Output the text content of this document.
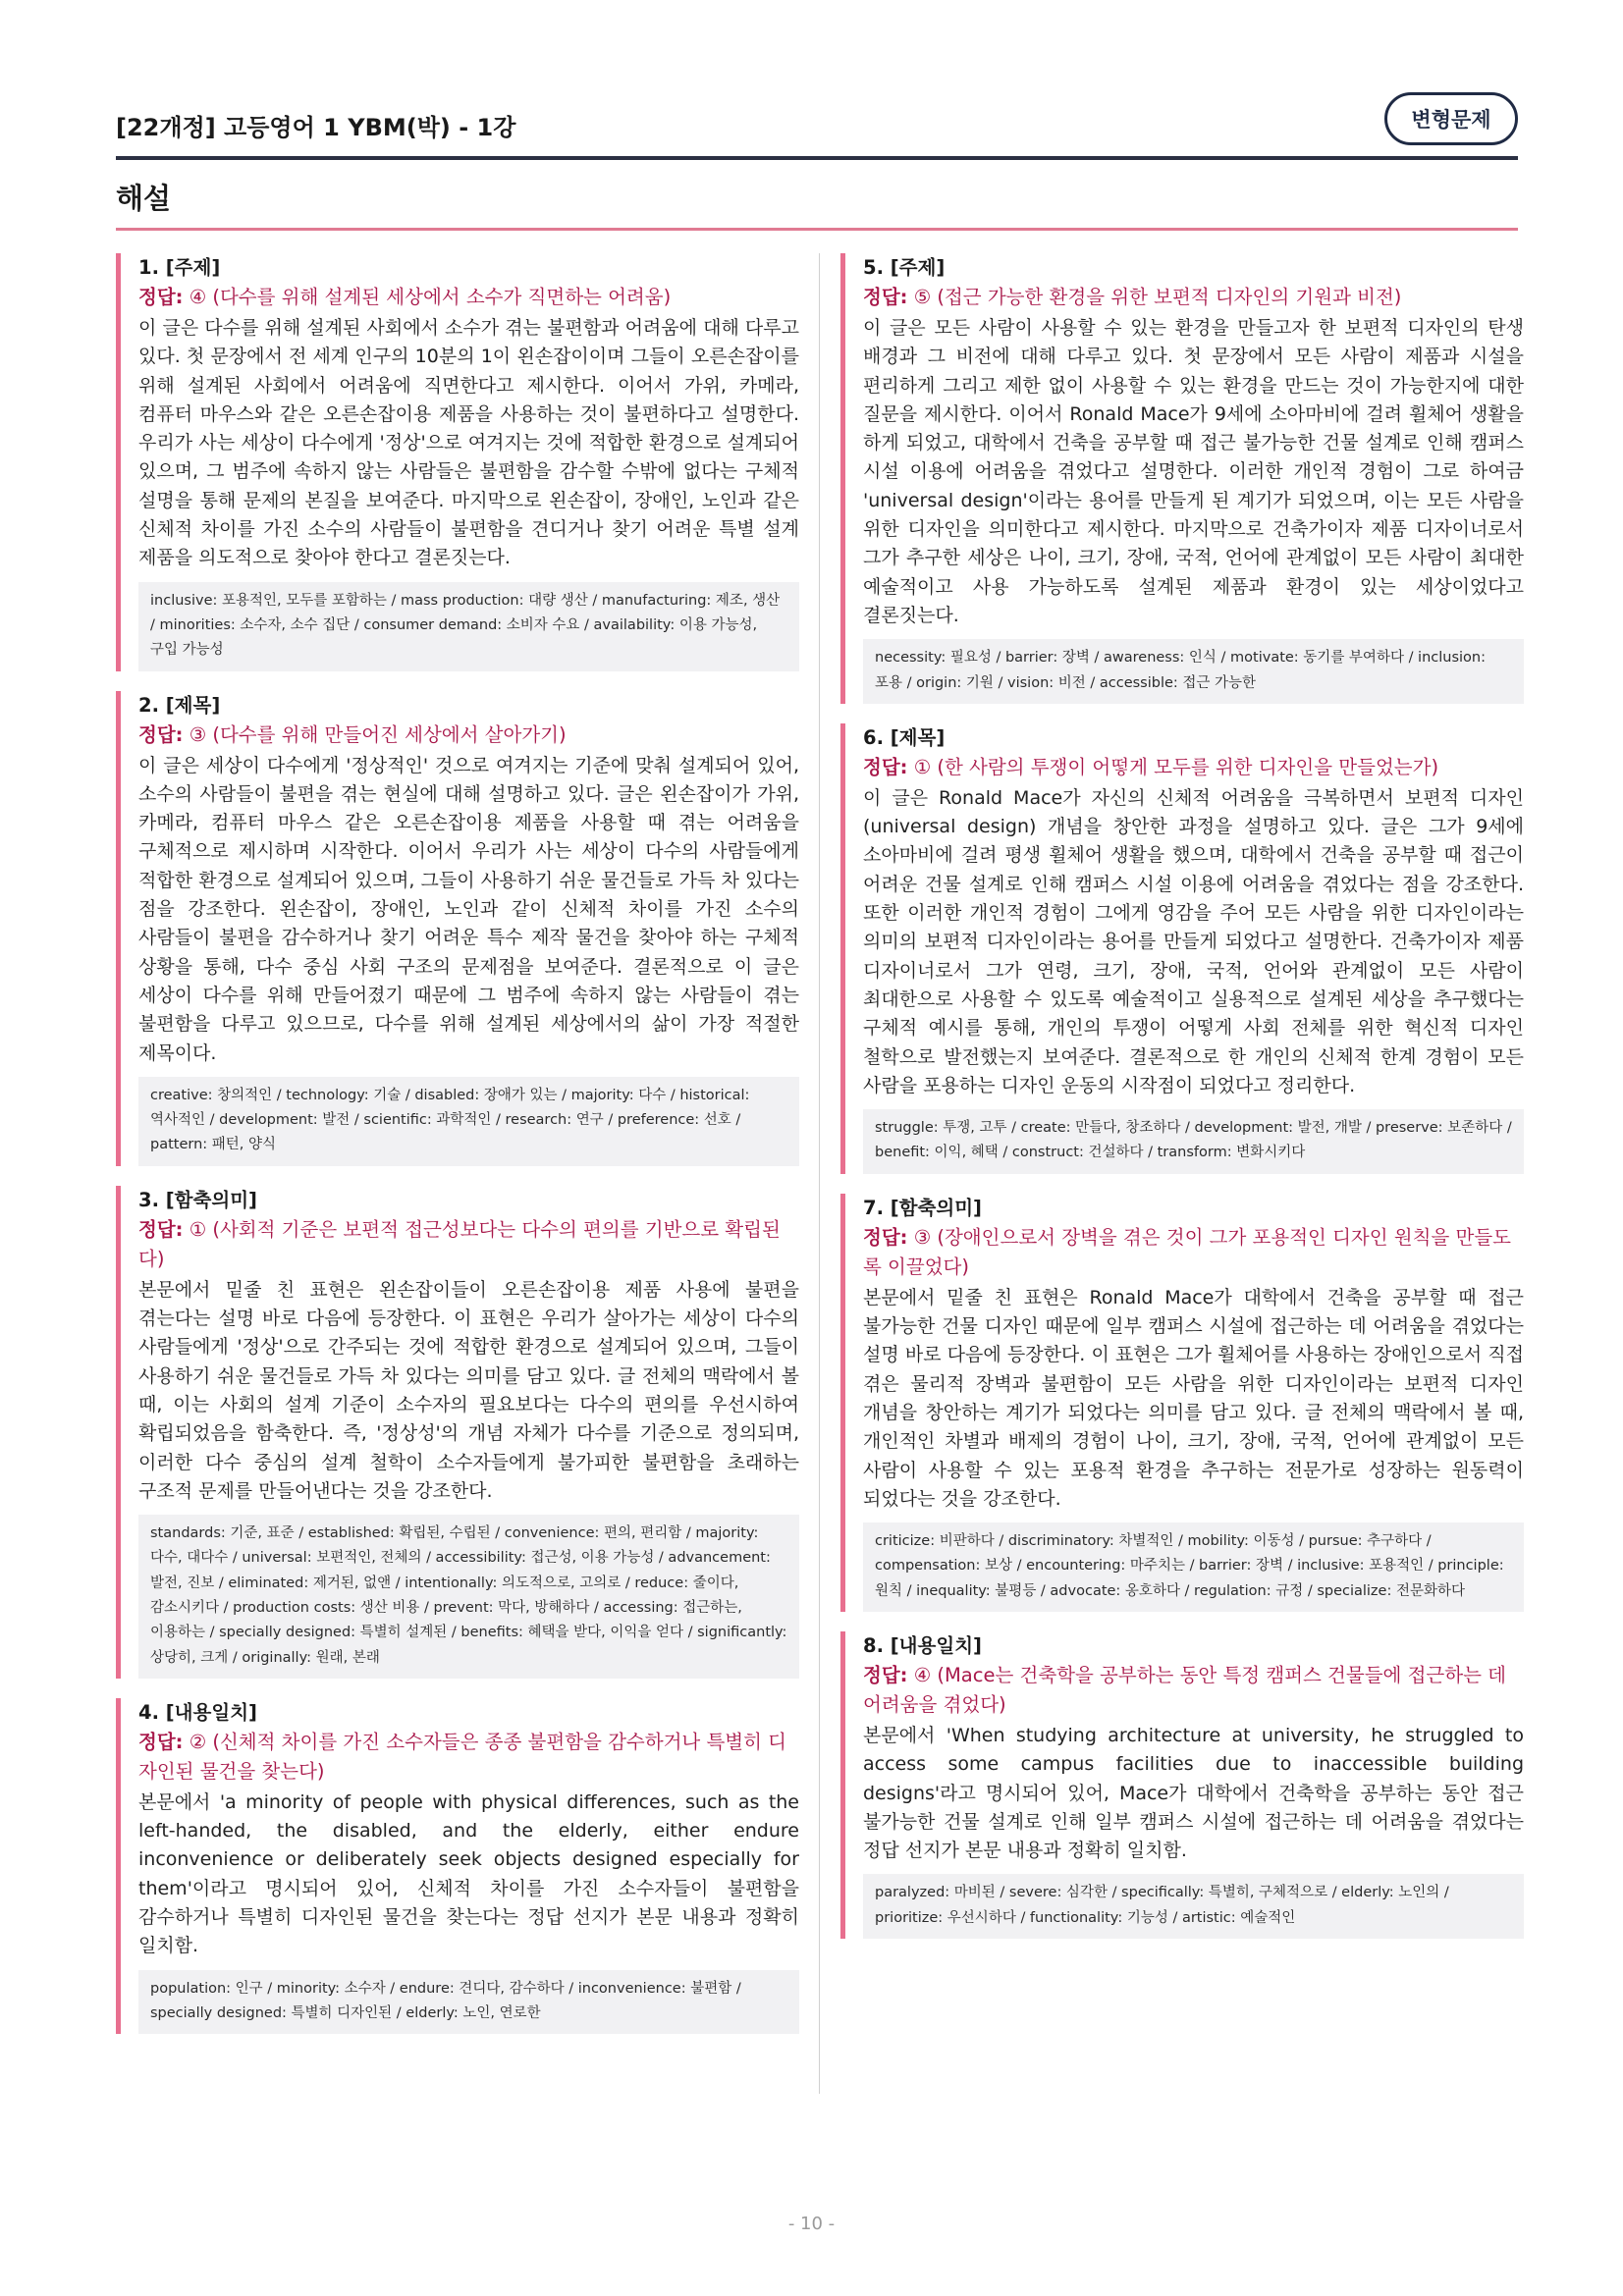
[22개정] 고등영어 1 YBM(박) - 1강	변형문제
해설
1. [주제]
정답: ④ (다수를 위해 설계된 세상에서 소수가 직면하는 어려움)
이 글은 다수를 위해 설계된 사회에서 소수가 겪는 불편함과 어려움에 대해 다루고 있다. 첫 문장에서 전 세계 인구의 10분의 1이 왼손잡이이며 그들이 오른손잡이를 위해 설계된 사회에서 어려움에 직면한다고 제시한다. 이어서 가위, 카메라, 컴퓨터 마우스와 같은 오른손잡이용 제품을 사용하는 것이 불편하다고 설명한다. 우리가 사는 세상이 다수에게 '정상'으로 여겨지는 것에 적합한 환경으로 설계되어 있으며, 그 범주에 속하지 않는 사람들은 불편함을 감수할 수밖에 없다는 구체적 설명을 통해 문제의 본질을 보여준다. 마지막으로 왼손잡이, 장애인, 노인과 같은 신체적 차이를 가진 소수의 사람들이 불편함을 견디거나 찾기 어려운 특별 설계 제품을 의도적으로 찾아야 한다고 결론짓는다.
inclusive: 포용적인, 모두를 포함하는 / mass production: 대량 생산 / manufacturing: 제조, 생산 / minorities: 소수자, 소수 집단 / consumer demand: 소비자 수요 / availability: 이용 가능성, 구입 가능성
2. [제목]
정답: ③ (다수를 위해 만들어진 세상에서 살아가기)
이 글은 세상이 다수에게 '정상적인' 것으로 여겨지는 기준에 맞춰 설계되어 있어, 소수의 사람들이 불편을 겪는 현실에 대해 설명하고 있다. 글은 왼손잡이가 가위, 카메라, 컴퓨터 마우스 같은 오른손잡이용 제품을 사용할 때 겪는 어려움을 구체적으로 제시하며 시작한다. 이어서 우리가 사는 세상이 다수의 사람들에게 적합한 환경으로 설계되어 있으며, 그들이 사용하기 쉬운 물건들로 가득 차 있다는 점을 강조한다. 왼손잡이, 장애인, 노인과 같이 신체적 차이를 가진 소수의 사람들이 불편을 감수하거나 찾기 어려운 특수 제작 물건을 찾아야 하는 구체적 상황을 통해, 다수 중심 사회 구조의 문제점을 보여준다. 결론적으로 이 글은 세상이 다수를 위해 만들어졌기 때문에 그 범주에 속하지 않는 사람들이 겪는 불편함을 다루고 있으므로, 다수를 위해 설계된 세상에서의 삶이 가장 적절한 제목이다.
creative: 창의적인 / technology: 기술 / disabled: 장애가 있는 / majority: 다수 / historical: 역사적인 / development: 발전 / scientific: 과학적인 / research: 연구 / preference: 선호 / pattern: 패턴, 양식
3. [함축의미]
정답: ① (사회적 기준은 보편적 접근성보다는 다수의 편의를 기반으로 확립된다)
본문에서 밑줄 친 표현은 왼손잡이들이 오른손잡이용 제품 사용에 불편을 겪는다는 설명 바로 다음에 등장한다. 이 표현은 우리가 살아가는 세상이 다수의 사람들에게 '정상'으로 간주되는 것에 적합한 환경으로 설계되어 있으며, 그들이 사용하기 쉬운 물건들로 가득 차 있다는 의미를 담고 있다. 글 전체의 맥락에서 볼 때, 이는 사회의 설계 기준이 소수자의 필요보다는 다수의 편의를 우선시하여 확립되었음을 함축한다. 즉, '정상성'의 개념 자체가 다수를 기준으로 정의되며, 이러한 다수 중심의 설계 철학이 소수자들에게 불가피한 불편함을 초래하는 구조적 문제를 만들어낸다는 것을 강조한다.
standards: 기준, 표준 / established: 확립된, 수립된 / convenience: 편의, 편리함 / majority: 다수, 대다수 / universal: 보편적인, 전체의 / accessibility: 접근성, 이용 가능성 / advancement: 발전, 진보 / eliminated: 제거된, 없앤 / intentionally: 의도적으로, 고의로 / reduce: 줄이다, 감소시키다 / production costs: 생산 비용 / prevent: 막다, 방해하다 / accessing: 접근하는, 이용하는 / specially designed: 특별히 설계된 / benefits: 혜택을 받다, 이익을 얻다 / significantly: 상당히, 크게 / originally: 원래, 본래
4. [내용일치]
정답: ② (신체적 차이를 가진 소수자들은 종종 불편함을 감수하거나 특별히 디자인된 물건을 찾는다)
본문에서 'a minority of people with physical differences, such as the left-handed, the disabled, and the elderly, either endure inconvenience or deliberately seek objects designed especially for them'이라고 명시되어 있어, 신체적 차이를 가진 소수자들이 불편함을 감수하거나 특별히 디자인된 물건을 찾는다는 정답 선지가 본문 내용과 정확히 일치함.
population: 인구 / minority: 소수자 / endure: 견디다, 감수하다 / inconvenience: 불편함 / specially designed: 특별히 디자인된 / elderly: 노인, 연로한
5. [주제]
정답: ⑤ (접근 가능한 환경을 위한 보편적 디자인의 기원과 비전)
이 글은 모든 사람이 사용할 수 있는 환경을 만들고자 한 보편적 디자인의 탄생 배경과 그 비전에 대해 다루고 있다. 첫 문장에서 모든 사람이 제품과 시설을 편리하게 그리고 제한 없이 사용할 수 있는 환경을 만드는 것이 가능한지에 대한 질문을 제시한다. 이어서 Ronald Mace가 9세에 소아마비에 걸려 휠체어 생활을 하게 되었고, 대학에서 건축을 공부할 때 접근 불가능한 건물 설계로 인해 캠퍼스 시설 이용에 어려움을 겪었다고 설명한다. 이러한 개인적 경험이 그로 하여금 'universal design'이라는 용어를 만들게 된 계기가 되었으며, 이는 모든 사람을 위한 디자인을 의미한다고 제시한다. 마지막으로 건축가이자 제품 디자이너로서 그가 추구한 세상은 나이, 크기, 장애, 국적, 언어에 관계없이 모든 사람이 최대한 예술적이고 사용 가능하도록 설계된 제품과 환경이 있는 세상이었다고 결론짓는다.
necessity: 필요성 / barrier: 장벽 / awareness: 인식 / motivate: 동기를 부여하다 / inclusion: 포용 / origin: 기원 / vision: 비전 / accessible: 접근 가능한
6. [제목]
정답: ① (한 사람의 투쟁이 어떻게 모두를 위한 디자인을 만들었는가)
이 글은 Ronald Mace가 자신의 신체적 어려움을 극복하면서 보편적 디자인(universal design) 개념을 창안한 과정을 설명하고 있다. 글은 그가 9세에 소아마비에 걸려 평생 휠체어 생활을 했으며, 대학에서 건축을 공부할 때 접근이 어려운 건물 설계로 인해 캠퍼스 시설 이용에 어려움을 겪었다는 점을 강조한다. 또한 이러한 개인적 경험이 그에게 영감을 주어 모든 사람을 위한 디자인이라는 의미의 보편적 디자인이라는 용어를 만들게 되었다고 설명한다. 건축가이자 제품 디자이너로서 그가 연령, 크기, 장애, 국적, 언어와 관계없이 모든 사람이 최대한으로 사용할 수 있도록 예술적이고 실용적으로 설계된 세상을 추구했다는 구체적 예시를 통해, 개인의 투쟁이 어떻게 사회 전체를 위한 혁신적 디자인 철학으로 발전했는지 보여준다. 결론적으로 한 개인의 신체적 한계 경험이 모든 사람을 포용하는 디자인 운동의 시작점이 되었다고 정리한다.
struggle: 투쟁, 고투 / create: 만들다, 창조하다 / development: 발전, 개발 / preserve: 보존하다 / benefit: 이익, 혜택 / construct: 건설하다 / transform: 변화시키다
7. [함축의미]
정답: ③ (장애인으로서 장벽을 겪은 것이 그가 포용적인 디자인 원칙을 만들도록 이끌었다)
본문에서 밑줄 친 표현은 Ronald Mace가 대학에서 건축을 공부할 때 접근 불가능한 건물 디자인 때문에 일부 캠퍼스 시설에 접근하는 데 어려움을 겪었다는 설명 바로 다음에 등장한다. 이 표현은 그가 휠체어를 사용하는 장애인으로서 직접 겪은 물리적 장벽과 불편함이 모든 사람을 위한 디자인이라는 보편적 디자인 개념을 창안하는 계기가 되었다는 의미를 담고 있다. 글 전체의 맥락에서 볼 때, 개인적인 차별과 배제의 경험이 나이, 크기, 장애, 국적, 언어에 관계없이 모든 사람이 사용할 수 있는 포용적 환경을 추구하는 전문가로 성장하는 원동력이 되었다는 것을 강조한다.
criticize: 비판하다 / discriminatory: 차별적인 / mobility: 이동성 / pursue: 추구하다 / compensation: 보상 / encountering: 마주치는 / barrier: 장벽 / inclusive: 포용적인 / principle: 원칙 / inequality: 불평등 / advocate: 옹호하다 / regulation: 규정 / specialize: 전문화하다
8. [내용일치]
정답: ④ (Mace는 건축학을 공부하는 동안 특정 캠퍼스 건물들에 접근하는 데 어려움을 겪었다)
본문에서 'When studying architecture at university, he struggled to access some campus facilities due to inaccessible building designs'라고 명시되어 있어, Mace가 대학에서 건축학을 공부하는 동안 접근 불가능한 건물 설계로 인해 일부 캠퍼스 시설에 접근하는 데 어려움을 겪었다는 정답 선지가 본문 내용과 정확히 일치함.
paralyzed: 마비된 / severe: 심각한 / specifically: 특별히, 구체적으로 / elderly: 노인의 / prioritize: 우선시하다 / functionality: 기능성 / artistic: 예술적인
- 10 -
